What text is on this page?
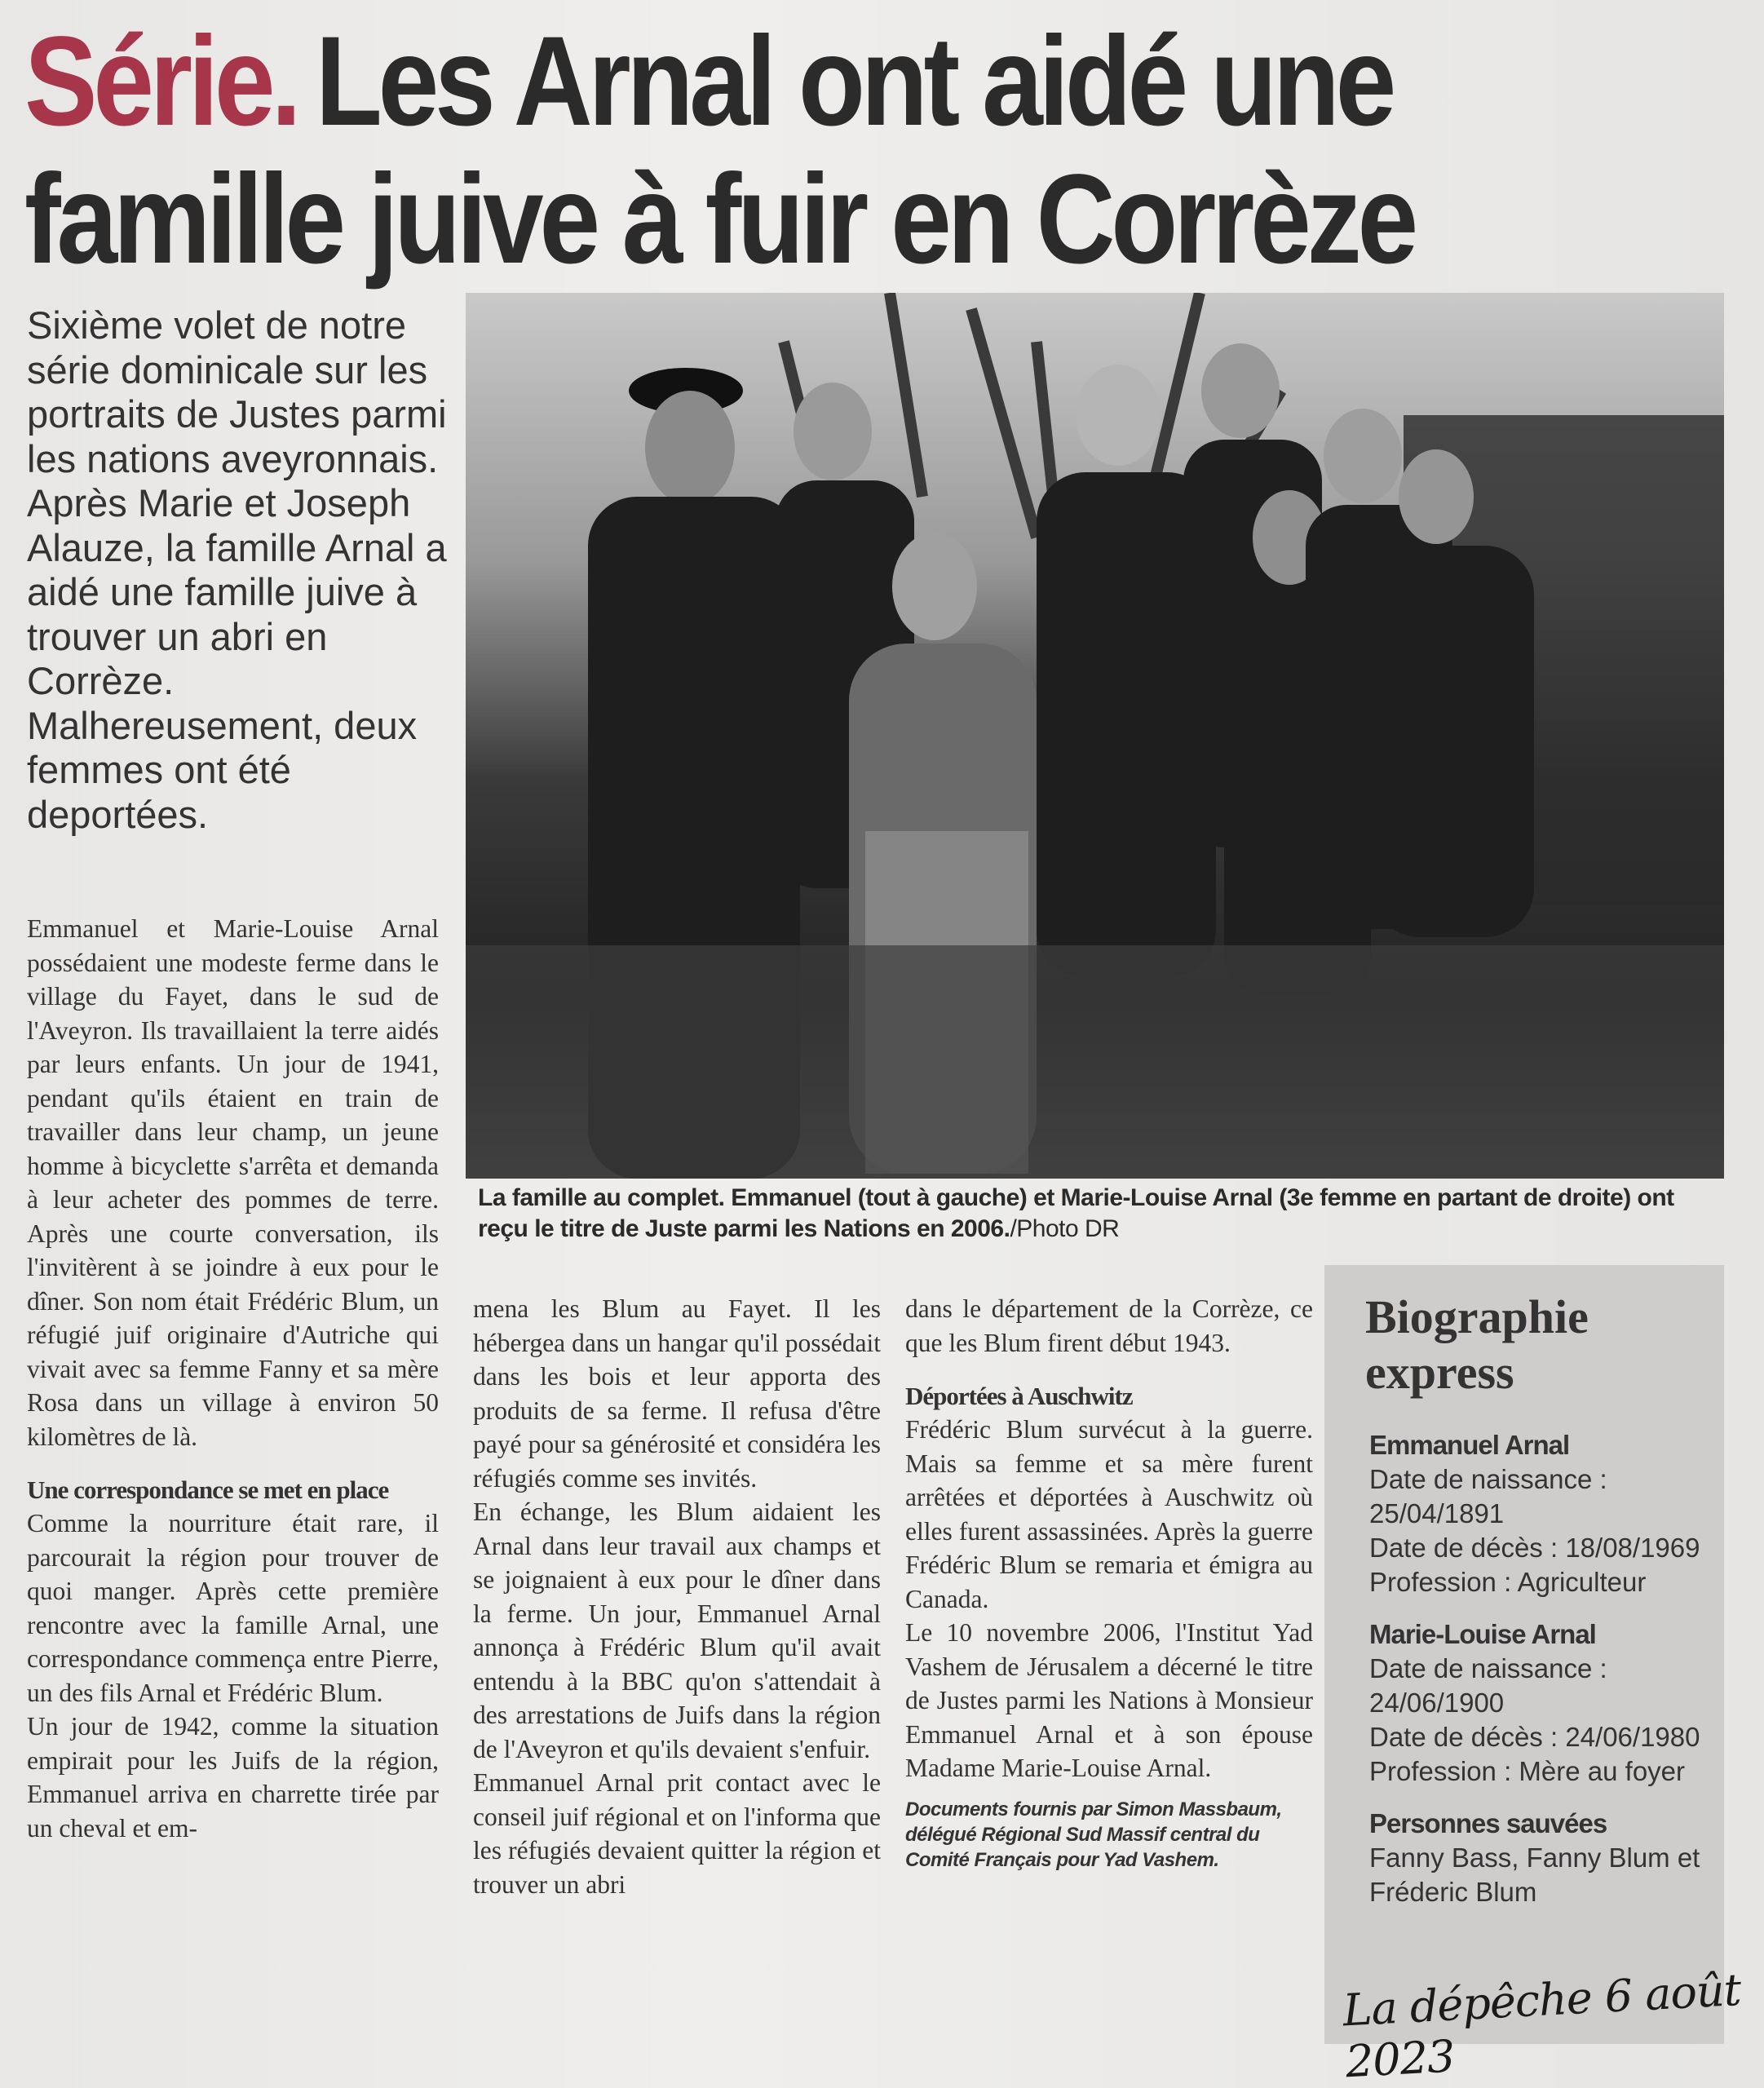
Série. Les Arnal ont aidé une
famille juive à fuir en Corrèze
Sixième volet de notre série dominicale sur les portraits de Justes parmi les nations aveyronnais. Après Marie et Joseph Alauze, la famille Arnal a aidé une famille juive à trouver un abri en Corrèze. Malhereusement, deux femmes ont été deportées.
La famille au complet. Emmanuel (tout à gauche) et Marie-Louise Arnal (3e femme en partant de droite) ont reçu le titre de Juste parmi les Nations en 2006./Photo DR

Emmanuel et Marie-Louise Arnal possédaient une modeste ferme dans le village du Fayet, dans le sud de l'Aveyron. Ils travaillaient la terre aidés par leurs enfants. Un jour de 1941, pendant qu'ils étaient en train de travailler dans leur champ, un jeune homme à bicyclette s'arrêta et demanda à leur acheter des pommes de terre. Après une courte conversation, ils l'invitèrent à se joindre à eux pour le dîner. Son nom était Frédéric Blum, un réfugié juif originaire d'Autriche qui vivait avec sa femme Fanny et sa mère Rosa dans un village à environ 50 kilomètres de là.

Une correspondance se met en place

Comme la nourriture était rare, il parcourait la région pour trouver de quoi manger. Après cette première rencontre avec la famille Arnal, une correspondance commença entre Pierre, un des fils Arnal et Frédéric Blum.

Un jour de 1942, comme la situation empirait pour les Juifs de la région, Emmanuel arriva en charrette tirée par un cheval et em-

mena les Blum au Fayet. Il les hébergea dans un hangar qu'il possédait dans les bois et leur apporta des produits de sa ferme. Il refusa d'être payé pour sa générosité et considéra les réfugiés comme ses invités.

En échange, les Blum aidaient les Arnal dans leur travail aux champs et se joignaient à eux pour le dîner dans la ferme. Un jour, Emmanuel Arnal annonça à Frédéric Blum qu'il avait entendu à la BBC qu'on s'attendait à des arrestations de Juifs dans la région de l'Aveyron et qu'ils devaient s'enfuir.

Emmanuel Arnal prit contact avec le conseil juif régional et on l'informa que les réfugiés devaient quitter la région et trouver un abri

dans le département de la Corrèze, ce que les Blum firent début 1943.

Déportées à Auschwitz

Frédéric Blum survécut à la guerre. Mais sa femme et sa mère furent arrêtées et déportées à Auschwitz où elles furent assassinées. Après la guerre Frédéric Blum se remaria et émigra au Canada.

Le 10 novembre 2006, l'Institut Yad Vashem de Jérusalem a décerné le titre de Justes parmi les Nations à Monsieur Emmanuel Arnal et à son épouse Madame Marie-Louise Arnal.

Documents fournis par Simon Massbaum, délégué Régional Sud Massif central du Comité Français pour Yad Vashem.

Biographie
express
Emmanuel Arnal
Date de naissance :
25/04/1891
Date de décès : 18/08/1969
Profession : Agriculteur
Marie-Louise Arnal
Date de naissance :
24/06/1900
Date de décès : 24/06/1980
Profession : Mère au foyer
Personnes sauvées
Fanny Bass, Fanny Blum et Fréderic Blum
La dépêche 6 août 2023
